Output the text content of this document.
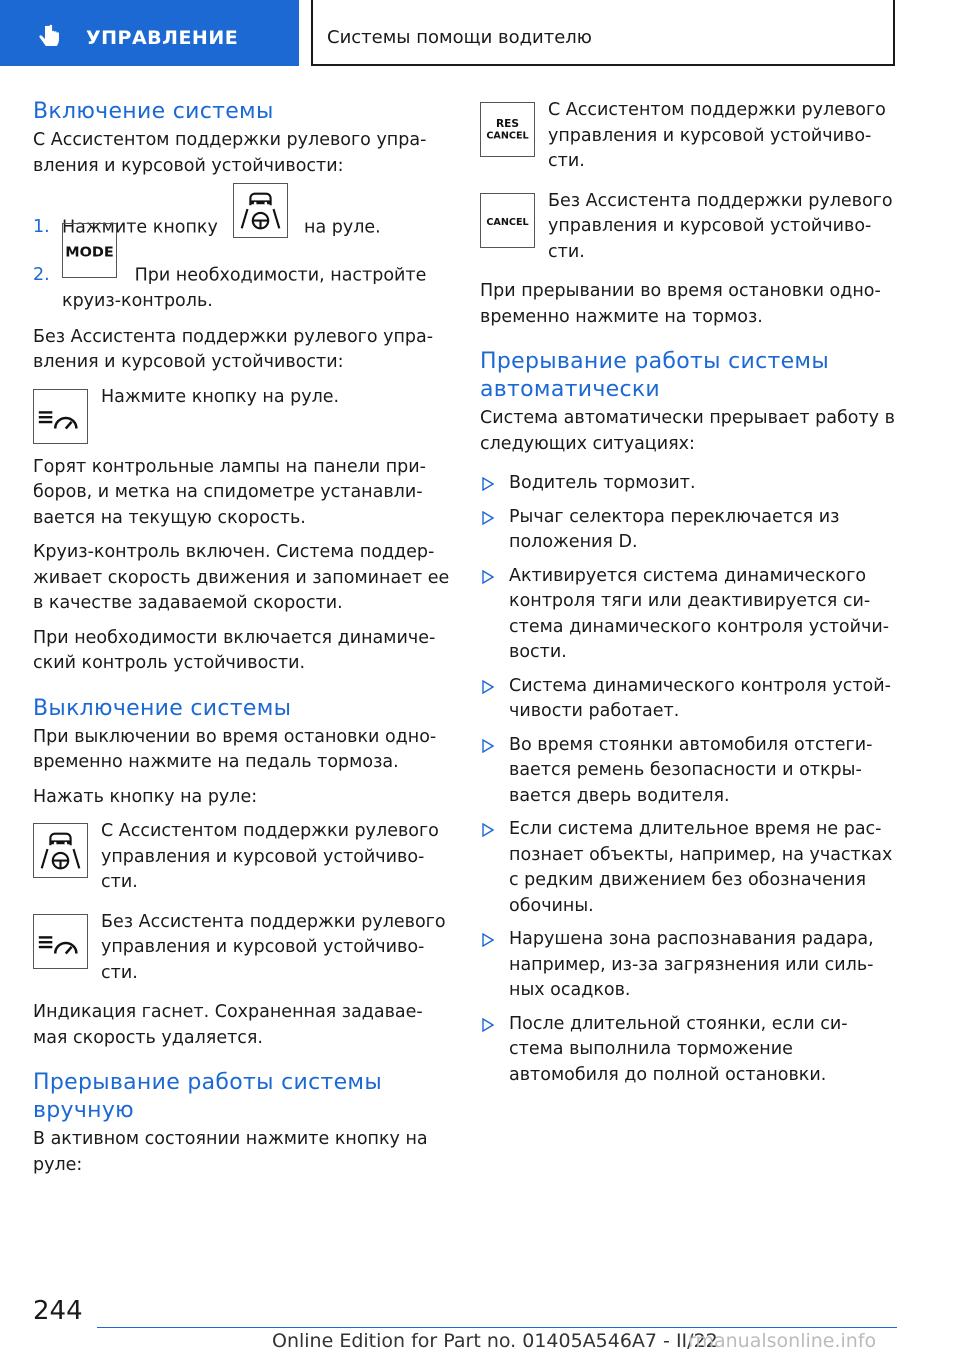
УПРАВЛЕНИЕ	Системы помощи водителю
Включение системы

С Ассистентом поддержки рулевого упра-вления и курсовой устойчивости:

1. Нажмите кнопку	на руле.
2.
MODE
При необходимости, настройте круиз-контроль.

Без Ассистента поддержки рулевого упра-вления и курсовой устойчивости:

Нажмите кнопку на руле.

Горят контрольные лампы на панели при-боров, и метка на спидометре устанавли-вается на текущую скорость.

Круиз-контроль включен. Система поддер-живает скорость движения и запоминает ее в качестве задаваемой скорости.

При необходимости включается динамиче-ский контроль устойчивости.

Выключение системы

При выключении во время остановки одно-временно нажмите на педаль тормоза.

Нажать кнопку на руле:

С Ассистентом поддержки рулевого управления и курсовой устойчиво-сти.
Без Ассистента поддержки рулевого управления и курсовой устойчиво-сти.

Индикация гаснет. Сохраненная задавае-мая скорость удаляется.

Прерывание работы системы вручную

В активном состоянии нажмите кнопку на руле:

RES
CANCEL
С Ассистентом поддержки рулевого управления и курсовой устойчиво-сти.
CANCEL
Без Ассистента поддержки рулевого управления и курсовой устойчиво-сти.

При прерывании во время остановки одно-временно нажмите на тормоз.

Прерывание работы системы автоматически

Система автоматически прерывает работу в следующих ситуациях:

Водитель тормозит.
Рычаг селектора переключается из положения D.
Активируется система динамического контроля тяги или деактивируется си-стема динамического контроля устойчи-вости.
Система динамического контроля устой-чивости работает.
Во время стоянки автомобиля отстеги-вается ремень безопасности и откры-вается дверь водителя.
Если система длительное время не рас-познает объекты, например, на участках с редким движением без обозначения обочины.
Нарушена зона распознавания радара, например, из-за загрязнения или силь-ных осадков.
После длительной стоянки, если си-стема выполнила торможение автомобиля до полной остановки.
244
Online Edition for Part no. 01405A546A7 - II/22
rmanualsonline.info
